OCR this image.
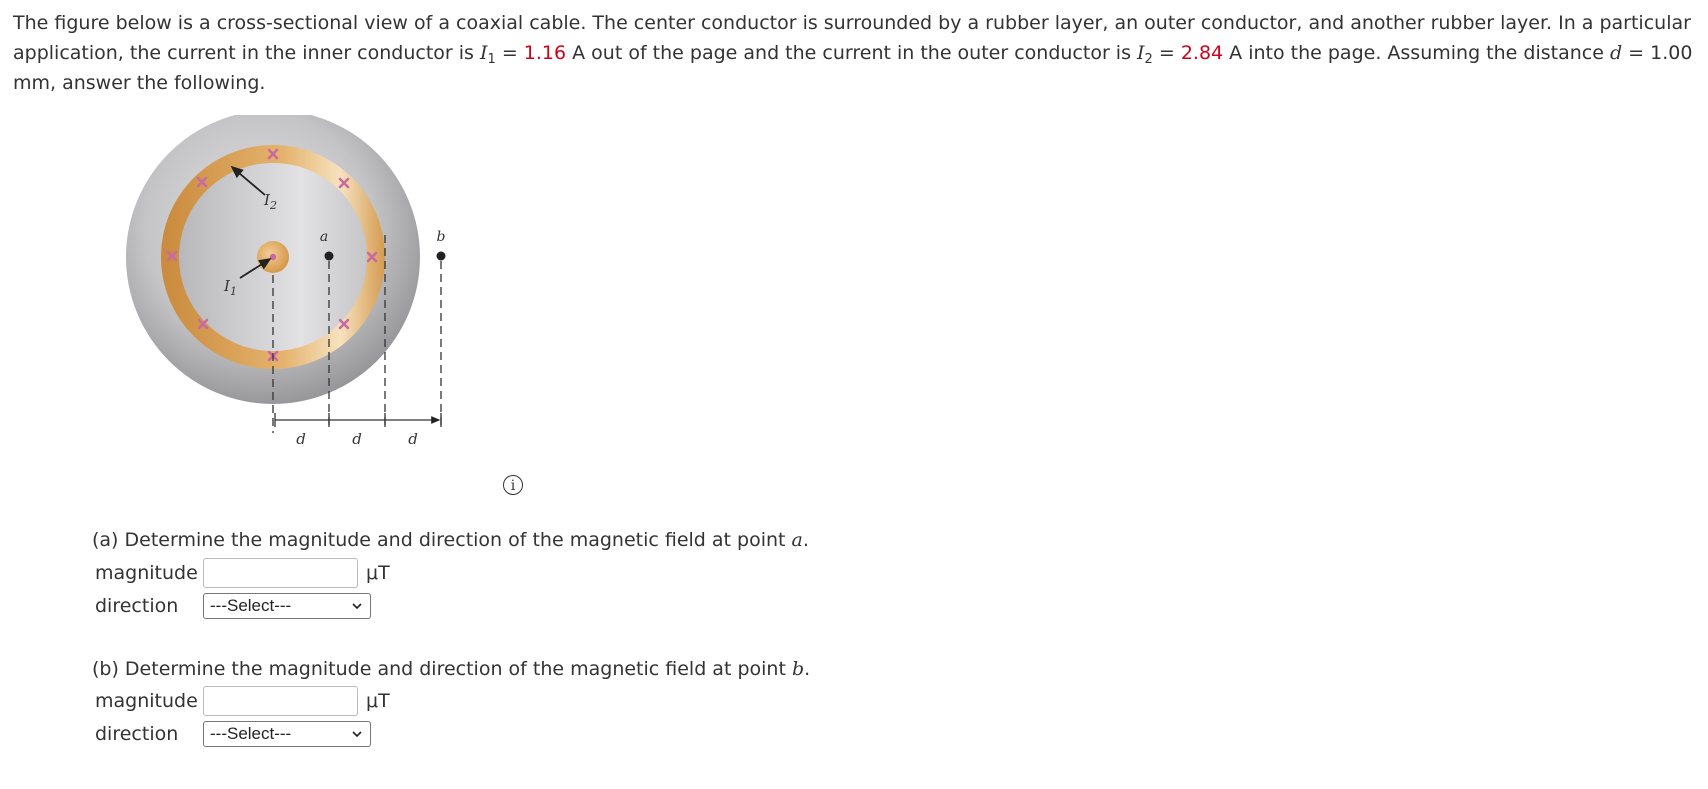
The figure below is a cross-sectional view of a coaxial cable. The center conductor is surrounded by a rubber layer, an outer conductor, and another rubber layer. In a particular application, the current in the inner conductor is $I_1 = 1.16$ A out of the page and the current in the outer conductor is $I_2 = 2.84$ A into the page. Assuming the distance d = 1.00 mm, answer the following.
$I_2$
$I_1$
a	b
d	d	d
i
(a) Determine the magnitude and direction of the magnetic field at point a.
magnitude	μT
direction	---Select---
(b) Determine the magnitude and direction of the magnetic field at point b.
magnitude	μT
direction	---Select---
